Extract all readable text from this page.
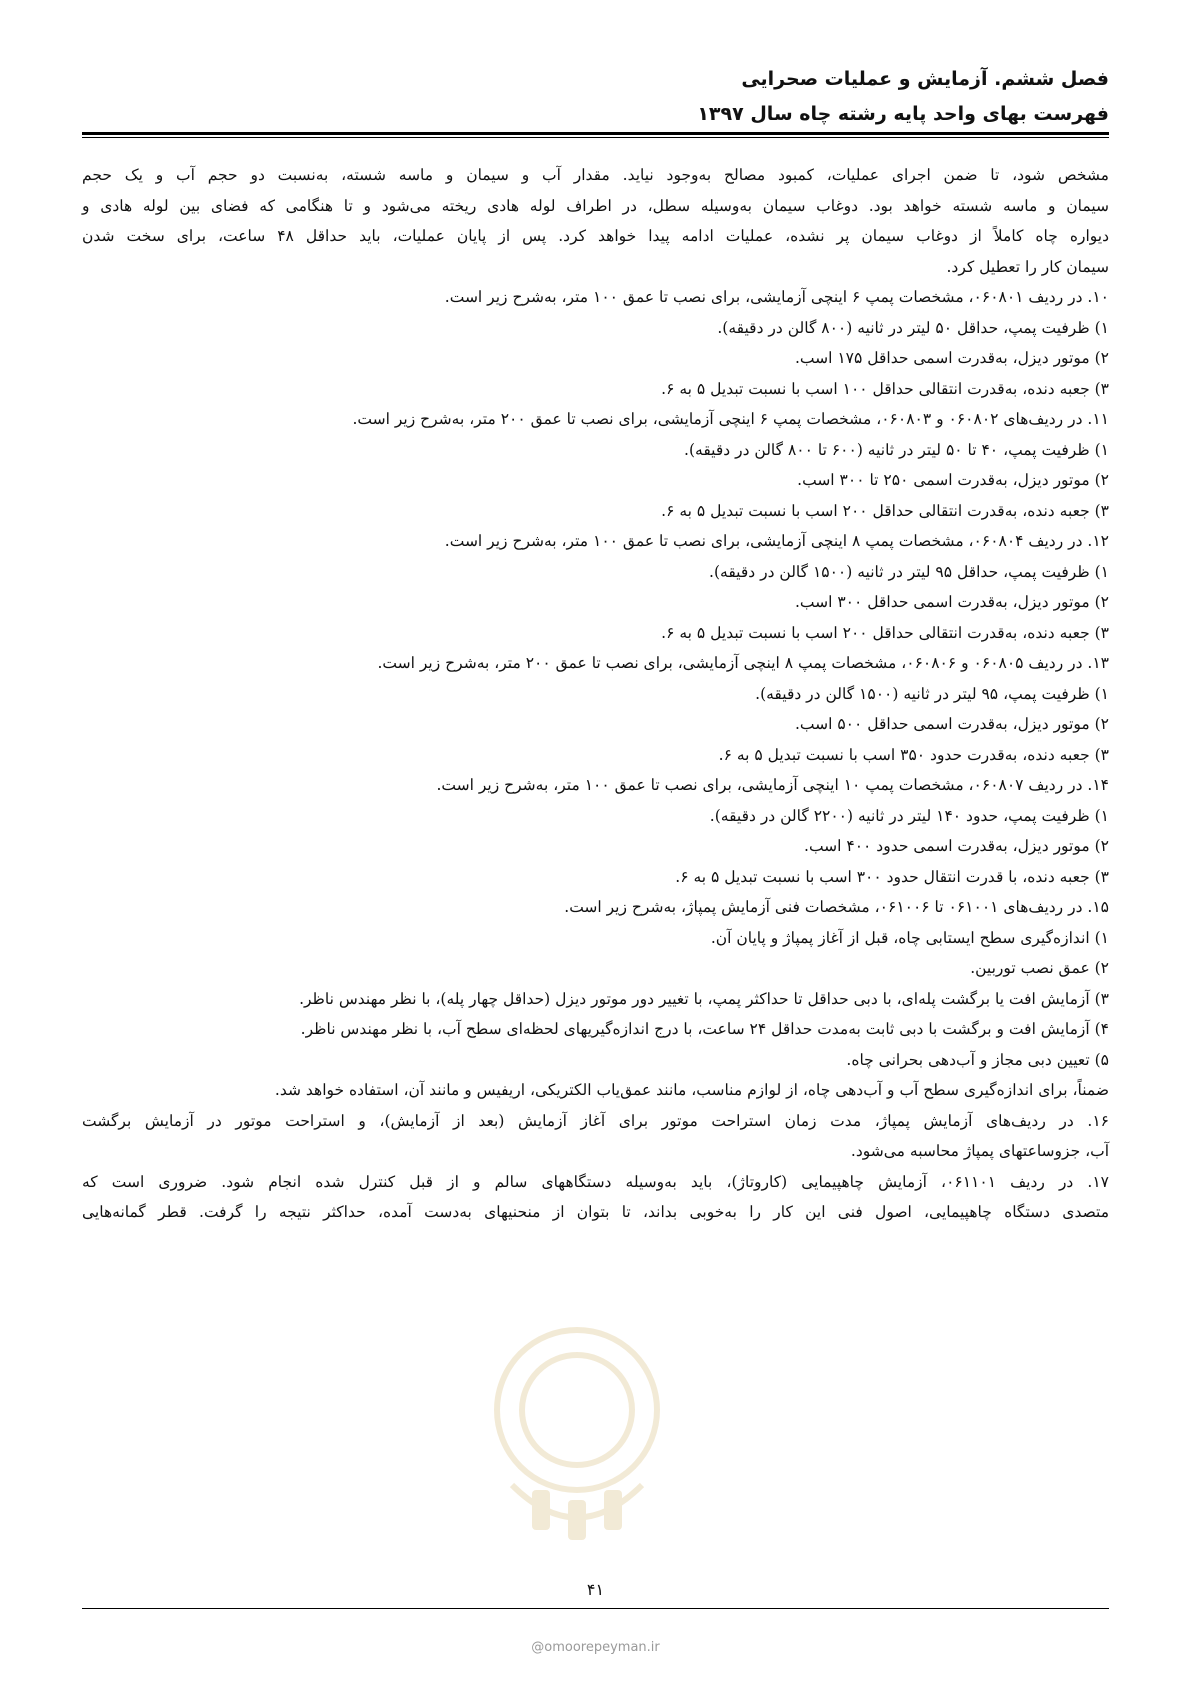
فصل ششم. آزمایش و عملیات صحرایی
فهرست بهای واحد پایه رشته چاه سال ۱۳۹۷

مشخص شود، تا ضمن اجرای عملیات، کمبود مصالح به‌وجود نیاید. مقدار آب و سیمان و ماسه شسته، به‌نسبت دو حجم آب و یک حجم

سیمان و ماسه شسته خواهد بود. دوغاب سیمان به‌وسیله سطل، در اطراف لوله هادی ریخته می‌شود و تا هنگامی که فضای بین لوله هادی و

دیواره چاه کاملاً از دوغاب سیمان پر نشده، عملیات ادامه پیدا خواهد کرد. پس از پایان عملیات، باید حداقل ۴۸ ساعت، برای سخت شدن

سیمان کار را تعطیل کرد.

۱۰. در ردیف ۰۶۰۸۰۱، مشخصات پمپ ۶ اینچی آزمایشی، برای نصب تا عمق ۱۰۰ متر، به‌شرح زیر است.

۱) ظرفیت پمپ، حداقل ۵۰ لیتر در ثانیه (۸۰۰ گالن در دقیقه).

۲) موتور دیزل، به‌قدرت اسمی حداقل ۱۷۵ اسب.

۳) جعبه دنده، به‌قدرت انتقالی حداقل ۱۰۰ اسب با نسبت تبدیل ۵ به ۶.

۱۱. در ردیف‌های ۰۶۰۸۰۲ و ۰۶۰۸۰۳، مشخصات پمپ ۶ اینچی آزمایشی، برای نصب تا عمق ۲۰۰ متر، به‌شرح زیر است.

۱) ظرفیت پمپ، ۴۰ تا ۵۰ لیتر در ثانیه (۶۰۰ تا ۸۰۰ گالن در دقیقه).

۲) موتور دیزل، به‌قدرت اسمی ۲۵۰ تا ۳۰۰ اسب.

۳) جعبه دنده، به‌قدرت انتقالی حداقل ۲۰۰ اسب با نسبت تبدیل ۵ به ۶.

۱۲. در ردیف ۰۶۰۸۰۴، مشخصات پمپ ۸ اینچی آزمایشی، برای نصب تا عمق ۱۰۰ متر، به‌شرح زیر است.

۱) ظرفیت پمپ، حداقل ۹۵ لیتر در ثانیه (۱۵۰۰ گالن در دقیقه).

۲) موتور دیزل، به‌قدرت اسمی حداقل ۳۰۰ اسب.

۳) جعبه دنده، به‌قدرت انتقالی حداقل ۲۰۰ اسب با نسبت تبدیل ۵ به ۶.

۱۳. در ردیف ۰۶۰۸۰۵ و ۰۶۰۸۰۶، مشخصات پمپ ۸ اینچی آزمایشی، برای نصب تا عمق ۲۰۰ متر، به‌شرح زیر است.

۱) ظرفیت پمپ، ۹۵ لیتر در ثانیه (۱۵۰۰ گالن در دقیقه).

۲) موتور دیزل، به‌قدرت اسمی حداقل ۵۰۰ اسب.

۳) جعبه دنده، به‌قدرت حدود ۳۵۰ اسب با نسبت تبدیل ۵ به ۶.

۱۴. در ردیف ۰۶۰۸۰۷، مشخصات پمپ ۱۰ اینچی آزمایشی، برای نصب تا عمق ۱۰۰ متر، به‌شرح زیر است.

۱) ظرفیت پمپ، حدود ۱۴۰ لیتر در ثانیه (۲۲۰۰ گالن در دقیقه).

۲) موتور دیزل، به‌قدرت اسمی حدود ۴۰۰ اسب.

۳) جعبه دنده، با قدرت انتقال حدود ۳۰۰ اسب با نسبت تبدیل ۵ به ۶.

۱۵. در ردیف‌های ۰۶۱۰۰۱ تا ۰۶۱۰۰۶، مشخصات فنی آزمایش پمپاژ، به‌شرح زیر است.

۱) اندازه‌گیری سطح ایستابی چاه، قبل از آغاز پمپاژ و پایان آن.

۲) عمق نصب توربین.

۳) آزمایش افت یا برگشت پله‌ای، با دبی حداقل تا حداکثر پمپ، با تغییر دور موتور دیزل (حداقل چهار پله)، با نظر مهندس ناظر.

۴) آزمایش افت و برگشت با دبی ثابت به‌مدت حداقل ۲۴ ساعت، با درج اندازه‌گیریهای لحظه‌ای سطح آب، با نظر مهندس ناظر.

۵) تعیین دبی مجاز و آب‌دهی بحرانی چاه.

ضمناً، برای اندازه‌گیری سطح آب و آب‌دهی چاه، از لوازم مناسب، مانند عمق‌یاب الکتریکی، اریفیس و مانند آن، استفاده خواهد شد.

۱۶. در ردیف‌های آزمایش پمپاژ، مدت زمان استراحت موتور برای آغاز آزمایش (بعد از آزمایش)، و استراحت موتور در آزمایش برگشت

آب، جزوساعتهای پمپاژ محاسبه می‌شود.

۱۷. در ردیف ۰۶۱۱۰۱، آزمایش چاهپیمایی (کاروتاژ)، باید به‌وسیله دستگاههای سالم و از قبل کنترل شده انجام شود. ضروری است که

متصدی دستگاه چاهپیمایی، اصول فنی این کار را به‌خوبی بداند، تا بتوان از منحنیهای به‌دست آمده، حداکثر نتیجه را گرفت. قطر گمانه‌هایی

۴۱
@omoorepeyman.ir
